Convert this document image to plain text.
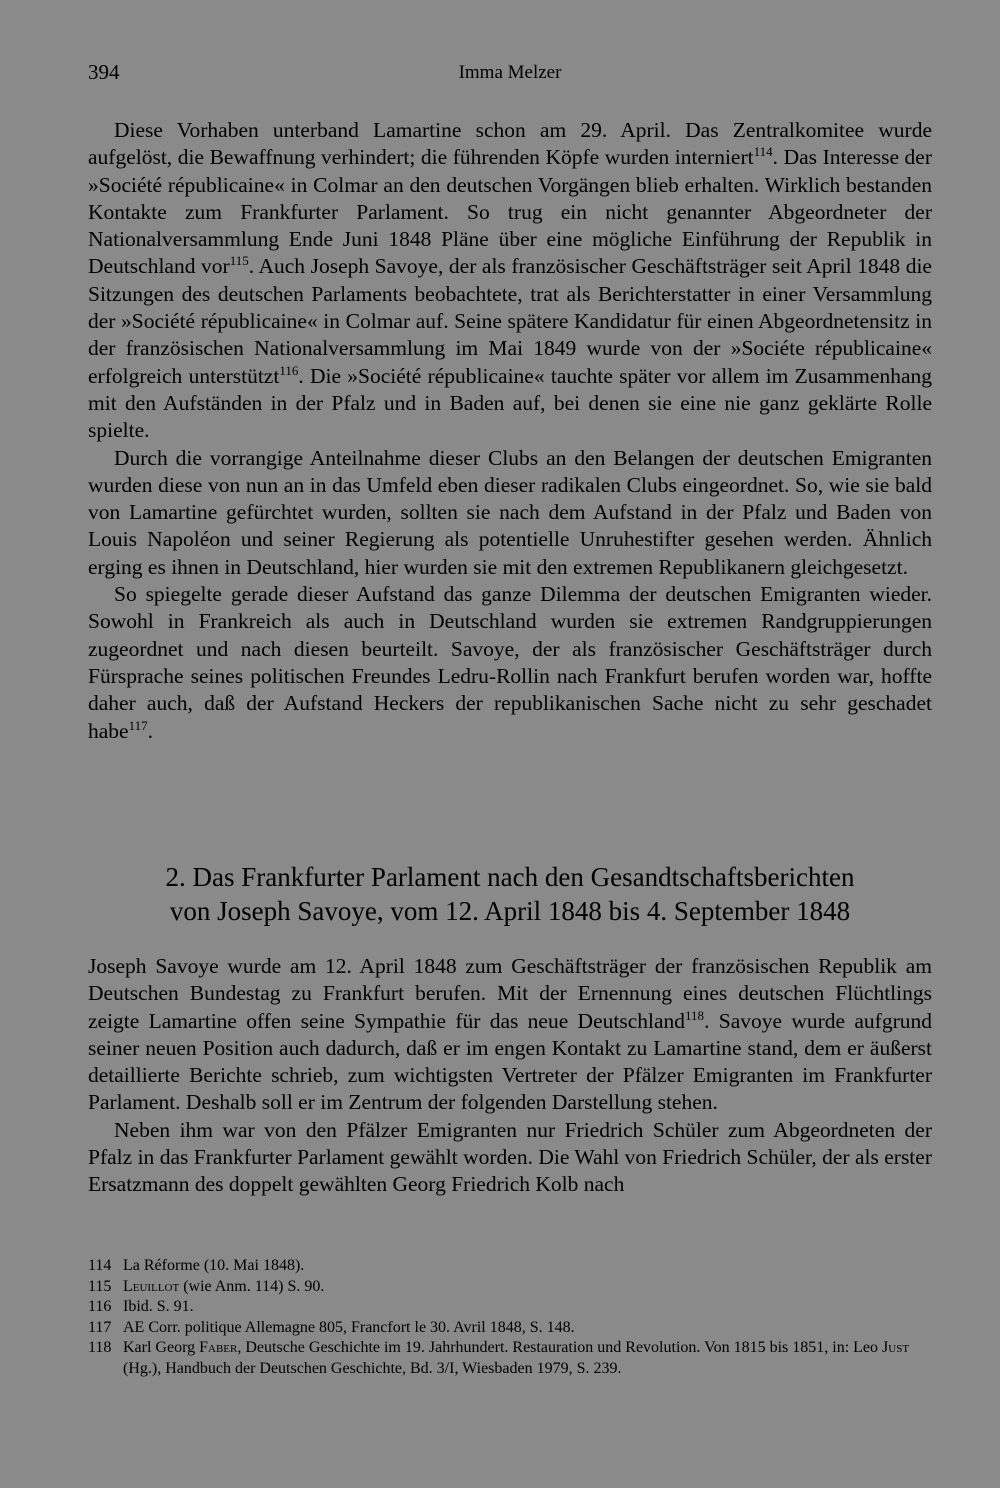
394	Imma Melzer

Diese Vorhaben unterband Lamartine schon am 29. April. Das Zentralkomitee wurde aufgelöst, die Bewaffnung verhindert; die führenden Köpfe wurden interniert$^{114}$. Das Interesse der »Société républicaine« in Colmar an den deutschen Vorgängen blieb erhalten. Wirklich bestanden Kontakte zum Frankfurter Parlament. So trug ein nicht genannter Abgeordneter der Nationalversammlung Ende Juni 1848 Pläne über eine mögliche Einführung der Republik in Deutschland vor$^{115}$. Auch Joseph Savoye, der als französischer Geschäftsträger seit April 1848 die Sitzungen des deutschen Parlaments beobachtete, trat als Berichterstatter in einer Versammlung der »Société républicaine« in Colmar auf. Seine spätere Kandidatur für einen Abgeordnetensitz in der französischen Nationalversammlung im Mai 1849 wurde von der »Sociéte républicaine« erfolgreich unterstützt$^{116}$. Die »Société républicaine« tauchte später vor allem im Zusammenhang mit den Aufständen in der Pfalz und in Baden auf, bei denen sie eine nie ganz geklärte Rolle spielte.

Durch die vorrangige Anteilnahme dieser Clubs an den Belangen der deutschen Emigranten wurden diese von nun an in das Umfeld eben dieser radikalen Clubs eingeordnet. So, wie sie bald von Lamartine gefürchtet wurden, sollten sie nach dem Aufstand in der Pfalz und Baden von Louis Napoléon und seiner Regierung als potentielle Unruhestifter gesehen werden. Ähnlich erging es ihnen in Deutschland, hier wurden sie mit den extremen Republikanern gleichgesetzt.

So spiegelte gerade dieser Aufstand das ganze Dilemma der deutschen Emigranten wieder. Sowohl in Frankreich als auch in Deutschland wurden sie extremen Randgruppierungen zugeordnet und nach diesen beurteilt. Savoye, der als französischer Geschäftsträger durch Fürsprache seines politischen Freundes Ledru-Rollin nach Frankfurt berufen worden war, hoffte daher auch, daß der Aufstand Heckers der republikanischen Sache nicht zu sehr geschadet habe$^{117}$.

2. Das Frankfurter Parlament nach den Gesandtschaftsberichten
von Joseph Savoye, vom 12. April 1848 bis 4. September 1848

Joseph Savoye wurde am 12. April 1848 zum Geschäftsträger der französischen Republik am Deutschen Bundestag zu Frankfurt berufen. Mit der Ernennung eines deutschen Flüchtlings zeigte Lamartine offen seine Sympathie für das neue Deutschland$^{118}$. Savoye wurde aufgrund seiner neuen Position auch dadurch, daß er im engen Kontakt zu Lamartine stand, dem er äußerst detaillierte Berichte schrieb, zum wichtigsten Vertreter der Pfälzer Emigranten im Frankfurter Parlament. Deshalb soll er im Zentrum der folgenden Darstellung stehen.

Neben ihm war von den Pfälzer Emigranten nur Friedrich Schüler zum Abgeordneten der Pfalz in das Frankfurter Parlament gewählt worden. Die Wahl von Friedrich Schüler, der als erster Ersatzmann des doppelt gewählten Georg Friedrich Kolb nach

114 La Réforme (10. Mai 1848).
115 Leuillot (wie Anm. 114) S. 90.
116 Ibid. S. 91.
117 AE Corr. politique Allemagne 805, Francfort le 30. Avril 1848, S. 148.
118 Karl Georg Faber, Deutsche Geschichte im 19. Jahrhundert. Restauration und Revolution. Von 1815 bis 1851, in: Leo Just (Hg.), Handbuch der Deutschen Geschichte, Bd. 3/I, Wiesbaden 1979, S. 239.
